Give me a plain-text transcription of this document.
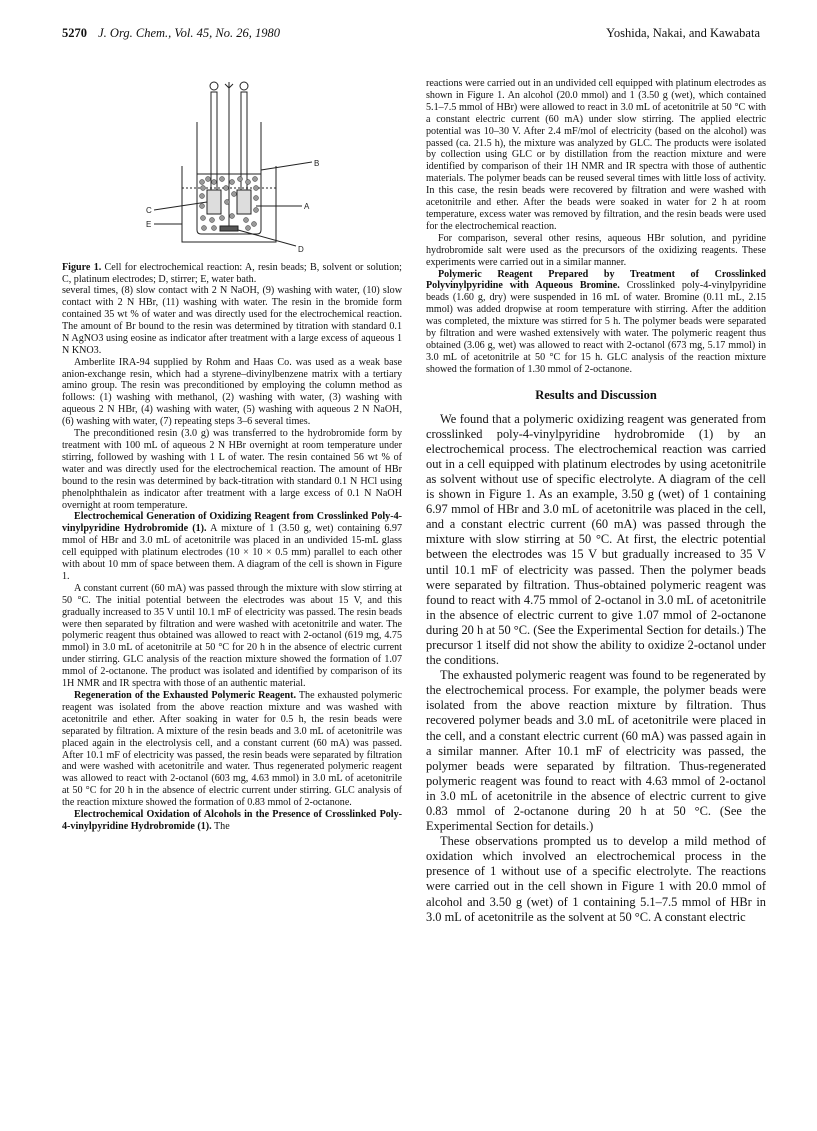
5270 J. Org. Chem., Vol. 45, No. 26, 1980	Yoshida, Nakai, and Kawabata
B
A
C
E
D

Figure 1. Cell for electrochemical reaction: A, resin beads; B, solvent or solution; C, platinum electrodes; D, stirrer; E, water bath.

several times, (8) slow contact with 2 N NaOH, (9) washing with water, (10) slow contact with 2 N HBr, (11) washing with water. The resin in the bromide form contained 35 wt % of water and was directly used for the electrochemical reaction. The amount of Br bound to the resin was determined by titration with standard 0.1 N AgNO3 using eosine as indicator after treatment with a large excess of aqueous 1 N KNO3.

Amberlite IRA-94 supplied by Rohm and Haas Co. was used as a weak base anion-exchange resin, which had a styrene–divinylbenzene matrix with a tertiary amino group. The resin was preconditioned by employing the column method as follows: (1) washing with methanol, (2) washing with water, (3) washing with aqueous 2 N HBr, (4) washing with water, (5) washing with aqueous 2 N NaOH, (6) washing with water, (7) repeating steps 3–6 several times.

The preconditioned resin (3.0 g) was transferred to the hydrobromide form by treatment with 100 mL of aqueous 2 N HBr overnight at room temperature under stirring, followed by washing with 1 L of water. The resin contained 56 wt % of water and was directly used for the electrochemical reaction. The amount of HBr bound to the resin was determined by back-titration with standard 0.1 N HCl using phenolphthalein as indicator after treatment with a large excess of 0.1 N NaOH overnight at room temperature.

Electrochemical Generation of Oxidizing Reagent from Crosslinked Poly-4-vinylpyridine Hydrobromide (1). A mixture of 1 (3.50 g, wet) containing 6.97 mmol of HBr and 3.0 mL of acetonitrile was placed in an undivided 15-mL glass cell equipped with platinum electrodes (10 × 10 × 0.5 mm) parallel to each other with about 10 mm of space between them. A diagram of the cell is shown in Figure 1.

A constant current (60 mA) was passed through the mixture with slow stirring at 50 °C. The initial potential between the electrodes was about 15 V, and this gradually increased to 35 V until 10.1 mF of electricity was passed. The resin beads were then separated by filtration and were washed with acetonitrile and water. The polymeric reagent thus obtained was allowed to react with 2-octanol (619 mg, 4.75 mmol) in 3.0 mL of acetonitrile at 50 °C for 20 h in the absence of electric current under stirring. GLC analysis of the reaction mixture showed the formation of 1.07 mmol of 2-octanone. The product was isolated and identified by comparison of its 1H NMR and IR spectra with those of an authentic material.

Regeneration of the Exhausted Polymeric Reagent. The exhausted polymeric reagent was isolated from the above reaction mixture and was washed with acetonitrile and ether. After soaking in water for 0.5 h, the resin beads were separated by filtration. A mixture of the resin beads and 3.0 mL of acetonitrile was placed again in the electrolysis cell, and a constant current (60 mA) was passed. After 10.1 mF of electricity was passed, the resin beads were separated by filtration and were washed with acetonitrile and water. Thus regenerated polymeric reagent was allowed to react with 2-octanol (603 mg, 4.63 mmol) in 3.0 mL of acetonitrile at 50 °C for 20 h in the absence of electric current under stirring. GLC analysis of the reaction mixture showed the formation of 0.83 mmol of 2-octanone.

Electrochemical Oxidation of Alcohols in the Presence of Crosslinked Poly-4-vinylpyridine Hydrobromide (1). The

reactions were carried out in an undivided cell equipped with platinum electrodes as shown in Figure 1. An alcohol (20.0 mmol) and 1 (3.50 g (wet), which contained 5.1–7.5 mmol of HBr) were allowed to react in 3.0 mL of acetonitrile at 50 °C with a constant electric current (60 mA) under slow stirring. The applied electric potential was 10–30 V. After 2.4 mF/mol of electricity (based on the alcohol) was passed (ca. 21.5 h), the mixture was analyzed by GLC. The products were isolated by collection using GLC or by distillation from the reaction mixture and were identified by comparison of their 1H NMR and IR spectra with those of authentic materials. The polymer beads can be reused several times with little loss of activity. In this case, the resin beads were recovered by filtration and were washed with acetonitrile and ether. After the beads were soaked in water for 2 h at room temperature, excess water was removed by filtration, and the resin beads were used for the electrochemical reaction.

For comparison, several other resins, aqueous HBr solution, and pyridine hydrobromide salt were used as the precursors of the oxidizing reagents. These experiments were carried out in a similar manner.

Polymeric Reagent Prepared by Treatment of Crosslinked Polyvinylpyridine with Aqueous Bromine. Crosslinked poly-4-vinylpyridine beads (1.60 g, dry) were suspended in 16 mL of water. Bromine (0.11 mL, 2.15 mmol) was added dropwise at room temperature with stirring. After the addition was completed, the mixture was stirred for 5 h. The polymer beads were separated by filtration and were washed extensively with water. The polymeric reagent thus obtained (3.06 g, wet) was allowed to react with 2-octanol (673 mg, 5.17 mmol) in 3.0 mL of acetonitrile at 50 °C for 15 h. GLC analysis of the reaction mixture showed the formation of 1.30 mmol of 2-octanone.

Results and Discussion

We found that a polymeric oxidizing reagent was generated from crosslinked poly-4-vinylpyridine hydrobromide (1) by an electrochemical process. The electrochemical reaction was carried out in a cell equipped with platinum electrodes by using acetonitrile as solvent without use of specific electrolyte. A diagram of the cell is shown in Figure 1. As an example, 3.50 g (wet) of 1 containing 6.97 mmol of HBr and 3.0 mL of acetonitrile was placed in the cell, and a constant electric current (60 mA) was passed through the mixture with slow stirring at 50 °C. At first, the electric potential between the electrodes was 15 V but gradually increased to 35 V until 10.1 mF of electricity was passed. Then the polymer beads were separated by filtration. Thus-obtained polymeric reagent was found to react with 4.75 mmol of 2-octanol in 3.0 mL of acetonitrile in the absence of electric current to give 1.07 mmol of 2-octanone during 20 h at 50 °C. (See the Experimental Section for details.) The precursor 1 itself did not show the ability to oxidize 2-octanol under the conditions.

The exhausted polymeric reagent was found to be regenerated by the electrochemical process. For example, the polymer beads were isolated from the above reaction mixture by filtration. Thus recovered polymer beads and 3.0 mL of acetonitrile were placed in the cell, and a constant electric current (60 mA) was passed again in a similar manner. After 10.1 mF of electricity was passed, the polymer beads were separated by filtration. Thus-regenerated polymeric reagent was found to react with 4.63 mmol of 2-octanol in 3.0 mL of acetonitrile in the absence of electric current to give 0.83 mmol of 2-octanone during 20 h at 50 °C. (See the Experimental Section for details.)

These observations prompted us to develop a mild method of oxidation which involved an electrochemical process in the presence of 1 without use of a specific electrolyte. The reactions were carried out in the cell shown in Figure 1 with 20.0 mmol of alcohol and 3.50 g (wet) of 1 containing 5.1–7.5 mmol of HBr in 3.0 mL of acetonitrile as the solvent at 50 °C. A constant electric
